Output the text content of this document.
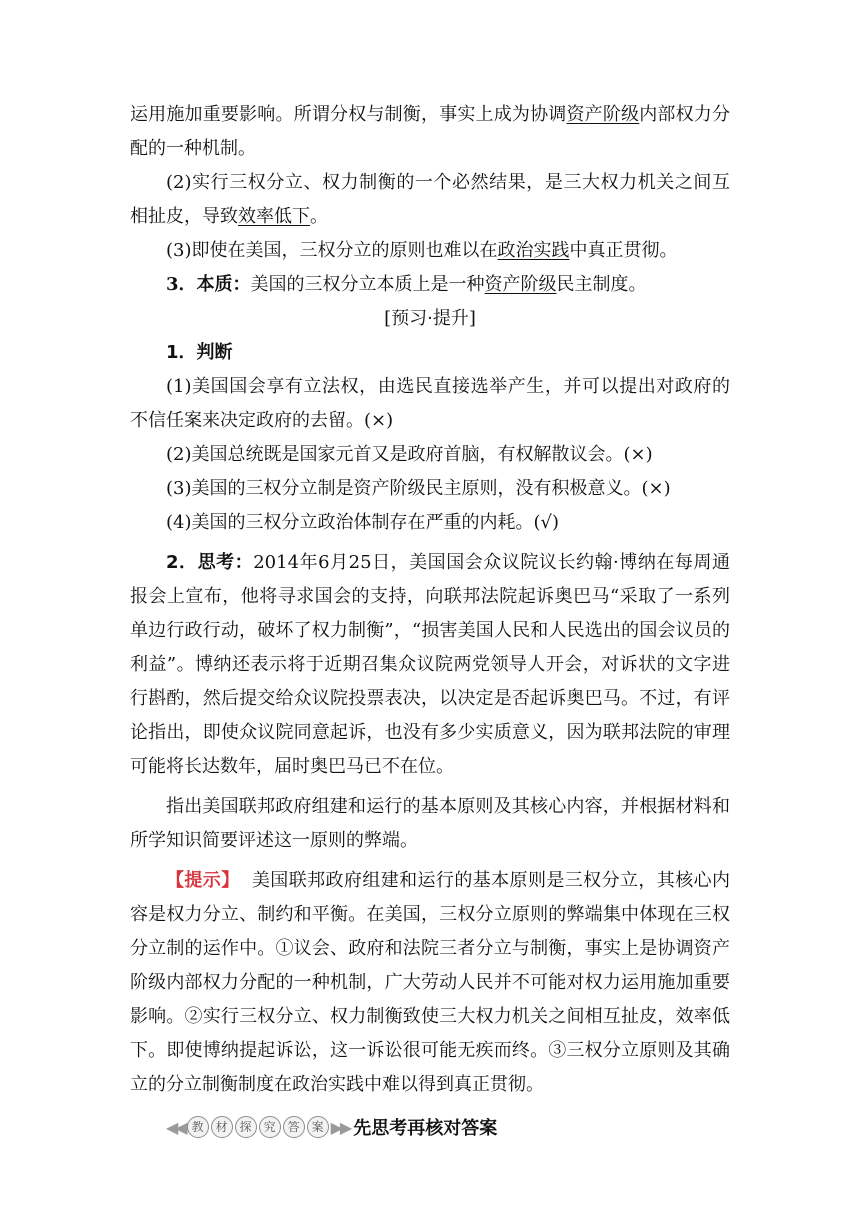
运用施加重要影响。所谓分权与制衡，事实上成为协调资产阶级内部权力分配的一种机制。

(2)实行三权分立、权力制衡的一个必然结果，是三大权力机关之间互相扯皮，导致效率低下。

(3)即使在美国，三权分立的原则也难以在政治实践中真正贯彻。

3．本质：美国的三权分立本质上是一种资产阶级民主制度。

[预习·提升]

1．判断

(1)美国国会享有立法权，由选民直接选举产生，并可以提出对政府的不信任案来决定政府的去留。(×)

(2)美国总统既是国家元首又是政府首脑，有权解散议会。(×)

(3)美国的三权分立制是资产阶级民主原则，没有积极意义。(×)

(4)美国的三权分立政治体制存在严重的内耗。(√)

2．思考：2014年6月25日，美国国会众议院议长约翰·博纳在每周通报会上宣布，他将寻求国会的支持，向联邦法院起诉奥巴马“采取了一系列单边行政行动，破坏了权力制衡”，“损害美国人民和人民选出的国会议员的利益”。博纳还表示将于近期召集众议院两党领导人开会，对诉状的文字进行斟酌，然后提交给众议院投票表决，以决定是否起诉奥巴马。不过，有评论指出，即使众议院同意起诉，也没有多少实质意义，因为联邦法院的审理可能将长达数年，届时奥巴马已不在位。

指出美国联邦政府组建和运行的基本原则及其核心内容，并根据材料和所学知识简要评述这一原则的弊端。

【提示】 美国联邦政府组建和运行的基本原则是三权分立，其核心内容是权力分立、制约和平衡。在美国，三权分立原则的弊端集中体现在三权分立制的运作中。①议会、政府和法院三者分立与制衡，事实上是协调资产阶级内部权力分配的一种机制，广大劳动人民并不可能对权力运用施加重要影响。②实行三权分立、权力制衡致使三大权力机关之间相互扯皮，效率低下。即使博纳提起诉讼，这一诉讼很可能无疾而终。③三权分立原则及其确立的分立制衡制度在政治实践中难以得到真正贯彻。

◀◀ 教 材 探 究 答 案 ▶▶ 先思考再核对答案
